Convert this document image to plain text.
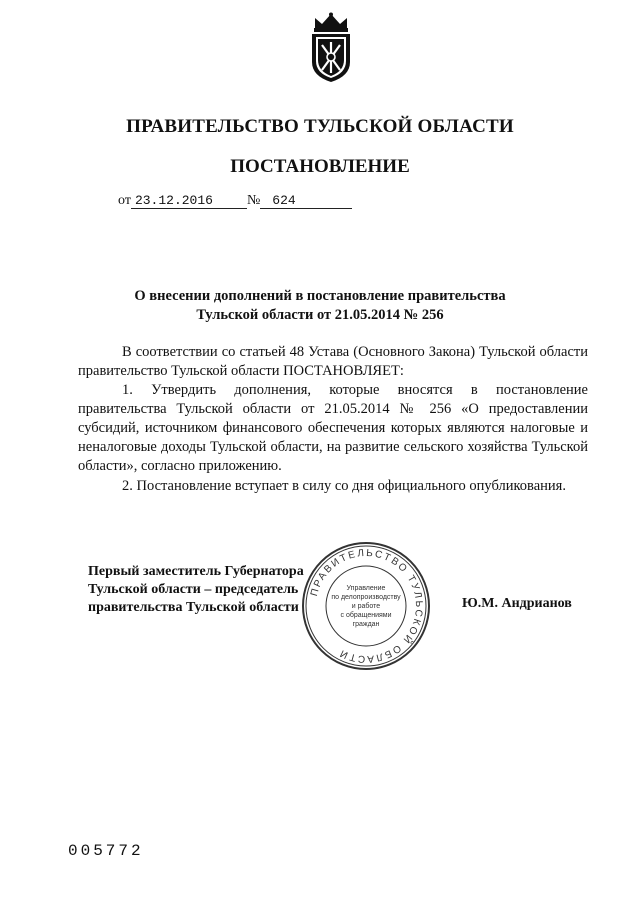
ПРАВИТЕЛЬСТВО ТУЛЬСКОЙ ОБЛАСТИ
ПОСТАНОВЛЕНИЕ
от 23.12.2016 № 624
О внесении дополнений в постановление правительства
Тульской области от 21.05.2014 № 256
В соответствии со статьей 48 Устава (Основного Закона) Тульской области правительство Тульской области ПОСТАНОВЛЯЕТ:
1. Утвердить дополнения, которые вносятся в постановление правительства Тульской области от 21.05.2014 № 256 «О предоставлении субсидий, источником финансового обеспечения которых являются налоговые и неналоговые доходы Тульской области, на развитие сельского хозяйства Тульской области», согласно приложению.
2. Постановление вступает в силу со дня официального опубликования.
Первый заместитель Губернатора
Тульской области – председатель
правительства Тульской области
ПРАВИТЕЛЬСТВО ТУЛЬСКОЙ ОБЛАСТИ
Управление
по делопроизводству
и работе
с обращениями
граждан
Ю.М. Андрианов
005772
